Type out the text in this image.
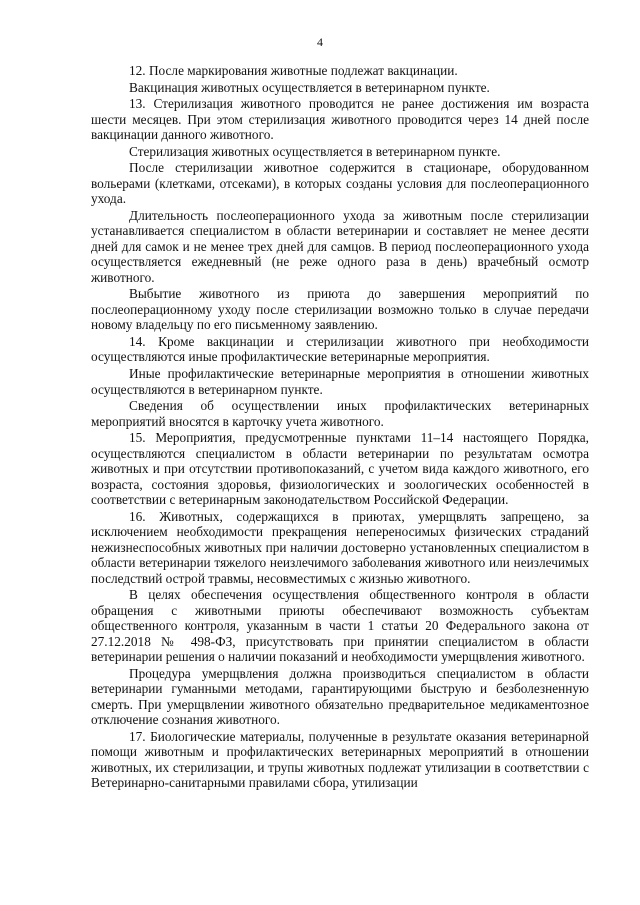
4

12. После маркирования животные подлежат вакцинации.

Вакцинация животных осуществляется в ветеринарном пункте.

13. Стерилизация животного проводится не ранее достижения им возраста шести месяцев. При этом стерилизация животного проводится через 14 дней после вакцинации данного животного.

Стерилизация животных осуществляется в ветеринарном пункте.

После стерилизации животное содержится в стационаре, оборудованном вольерами (клетками, отсеками), в которых созданы условия для послеоперационного ухода.

Длительность послеоперационного ухода за животным после стерилизации устанавливается специалистом в области ветеринарии и составляет не менее десяти дней для самок и не менее трех дней для самцов. В период послеоперационного ухода осуществляется ежедневный (не реже одного раза в день) врачебный осмотр животного.

Выбытие животного из приюта до завершения мероприятий по послеоперационному уходу после стерилизации возможно только в случае передачи новому владельцу по его письменному заявлению.

14. Кроме вакцинации и стерилизации животного при необходимости осуществляются иные профилактические ветеринарные мероприятия.

Иные профилактические ветеринарные мероприятия в отношении животных осуществляются в ветеринарном пункте.

Сведения об осуществлении иных профилактических ветеринарных мероприятий вносятся в карточку учета животного.

15. Мероприятия, предусмотренные пунктами 11–14 настоящего Порядка, осуществляются специалистом в области ветеринарии по результатам осмотра животных и при отсутствии противопоказаний, с учетом вида каждого животного, его возраста, состояния здоровья, физиологических и зоологических особенностей в соответствии с ветеринарным законодательством Российской Федерации.

16. Животных, содержащихся в приютах, умерщвлять запрещено, за исключением необходимости прекращения непереносимых физических страданий нежизнеспособных животных при наличии достоверно установленных специалистом в области ветеринарии тяжелого неизлечимого заболевания животного или неизлечимых последствий острой травмы, несовместимых с жизнью животного.

В целях обеспечения осуществления общественного контроля в области обращения с животными приюты обеспечивают возможность субъектам общественного контроля, указанным в части 1 статьи 20 Федерального закона от 27.12.2018 № 498-ФЗ, присутствовать при принятии специалистом в области ветеринарии решения о наличии показаний и необходимости умерщвления животного.

Процедура умерщвления должна производиться специалистом в области ветеринарии гуманными методами, гарантирующими быструю и безболезненную смерть. При умерщвлении животного обязательно предварительное медикаментозное отключение сознания животного.

17. Биологические материалы, полученные в результате оказания ветеринарной помощи животным и профилактических ветеринарных мероприятий в отношении животных, их стерилизации, и трупы животных подлежат утилизации в соответствии с Ветеринарно-санитарными правилами сбора, утилизации
